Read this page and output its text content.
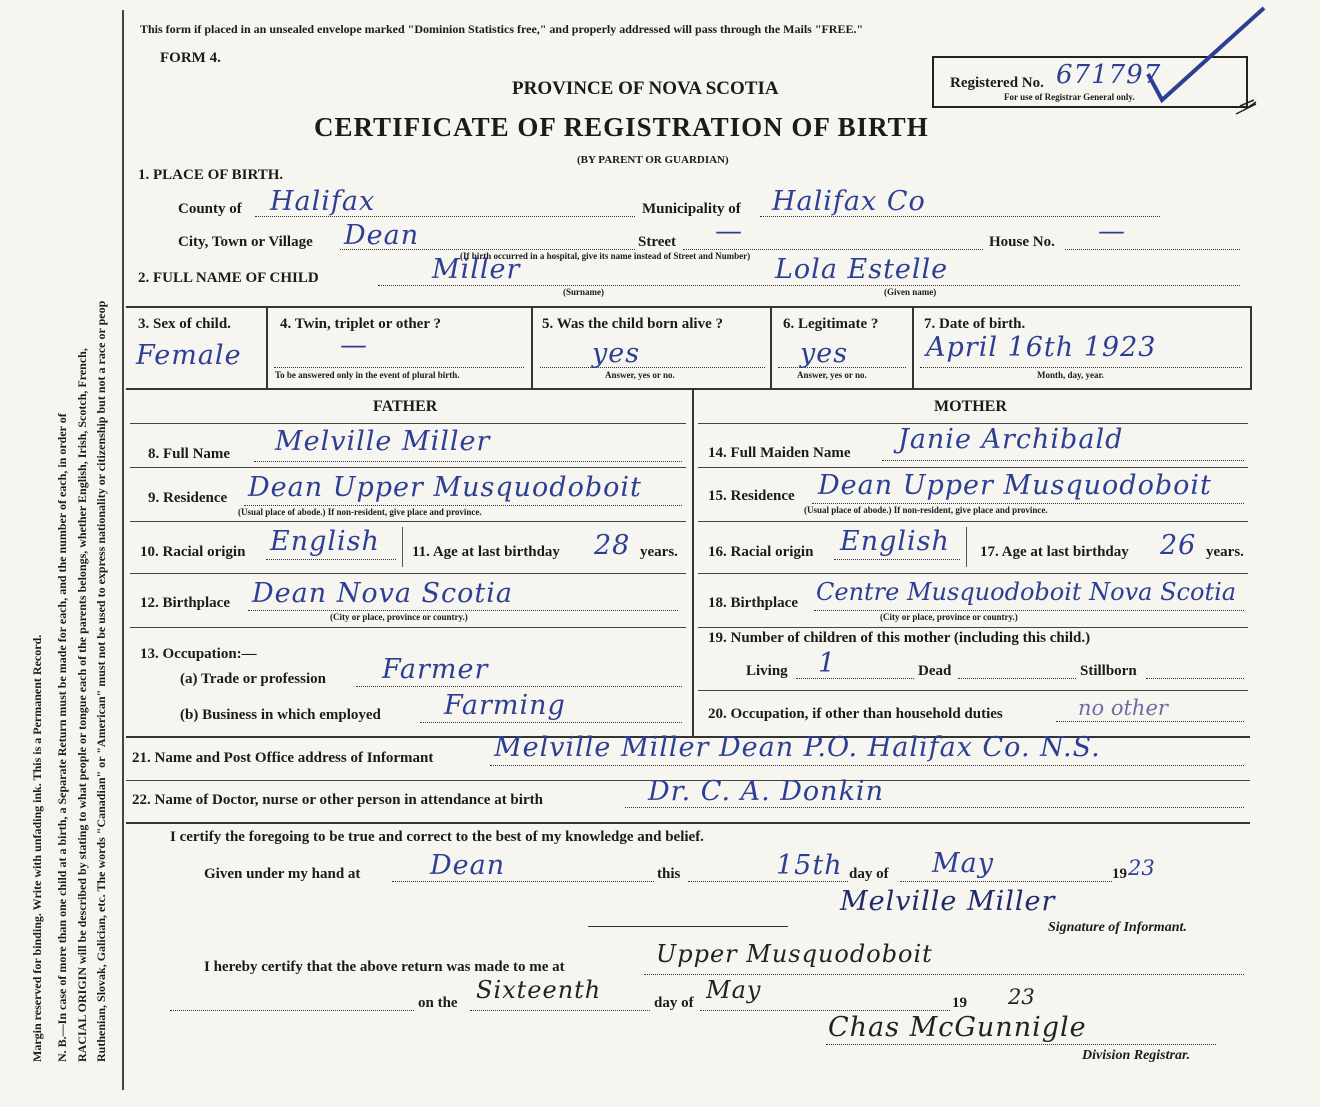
Margin reserved for binding. Write with unfading ink. This is a Permanent Record. N. B.—In case of more than one child at a birth, a Separate Return must be made for each, and the number of each, in order of RACIAL ORIGIN will be described by stating to what people or tongue each of the parents belongs, whether English, Irish, Scotch, French, Ruthenian, Slovak, Galician, etc. The words "Canadian" or "American" must not be used to express nationality or citizenship but not a race or peop
This form if placed in an unsealed envelope marked "Dominion Statistics free," and properly addressed will pass through the Mails "FREE."
FORM 4.
PROVINCE OF NOVA SCOTIA
CERTIFICATE OF REGISTRATION OF BIRTH
(BY PARENT OR GUARDIAN)
Registered No. 671797
For use of Registrar General only.
1. PLACE OF BIRTH.
County of Halifax	Municipality of Halifax Co
City, Town or Village Dean
(If birth occurred in a hospital, give its name instead of Street and Number)
Street —	House No. —
2. FULL NAME OF CHILD	Miller
(Surname)
Lola Estelle
(Given name)
3. Sex of child.
Female
4. Twin, triplet or other ?
—
To be answered only in the event of plural birth.
5. Was the child born alive ?
yes
Answer, yes or no.
6. Legitimate ?
yes
Answer, yes or no.
7. Date of birth.
April 16th 1923
Month, day, year.
FATHER	MOTHER
8. Full Name Melville Miller
9. Residence Dean Upper Musquodoboit
(Usual place of abode.) If non-resident, give place and province.
10. Racial origin English 11. Age at last birthday 28 years.
12. Birthplace Dean Nova Scotia
(City or place, province or country.)
13. Occupation:—
(a) Trade or profession Farmer
(b) Business in which employed Farming
14. Full Maiden Name Janie Archibald
15. Residence Dean Upper Musquodoboit
(Usual place of abode.) If non-resident, give place and province.
16. Racial origin English 17. Age at last birthday 26 years.
18. Birthplace Centre Musquodoboit Nova Scotia
(City or place, province or country.)
19. Number of children of this mother (including this child.)
Living 1	Dead	Stillborn
20. Occupation, if other than household duties	no other
21. Name and Post Office address of Informant Melville Miller Dean P.O. Halifax Co. N.S.
22. Name of Doctor, nurse or other person in attendance at birth	Dr. C. A. Donkin
I certify the foregoing to be true and correct to the best of my knowledge and belief.
Given under my hand at	Dean	this	15th day of May	19 23
Melville Miller
Signature of Informant.
I hereby certify that the above return was made to me at	Upper Musquodoboit
on the Sixteenth	day of May	19 23
Chas McGunnigle
Division Registrar.
